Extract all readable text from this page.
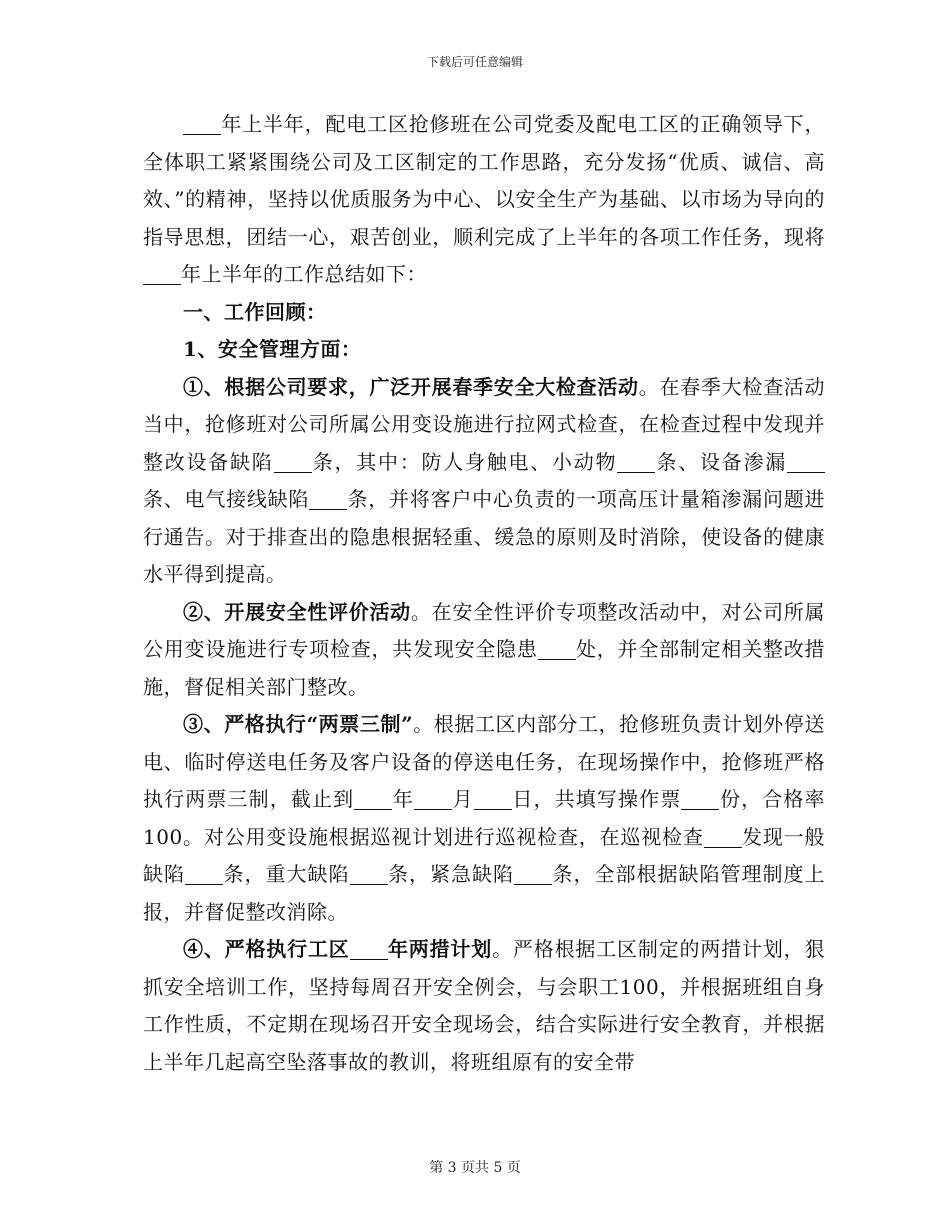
下载后可任意编辑

年上半年，配电工区抢修班在公司党委及配电工区的正确领导下，全体职工紧紧围绕公司及工区制定的工作思路，充分发扬“优质、诚信、高效、”的精神，坚持以优质服务为中心、以安全生产为基础、以市场为导向的指导思想，团结一心，艰苦创业，顺利完成了上半年的各项工作任务，现将年上半年的工作总结如下：

一、工作回顾：

1、安全管理方面：

①、根据公司要求，广泛开展春季安全大检查活动。在春季大检查活动当中，抢修班对公司所属公用变设施进行拉网式检查，在检查过程中发现并整改设备缺陷 条，其中：防人身触电、小动物 条、设备渗漏条、电气接线缺陷 条，并将客户中心负责的一项高压计量箱渗漏问题进行通告。对于排查出的隐患根据轻重、缓急的原则及时消除，使设备的健康水平得到提高。

②、开展安全性评价活动。在安全性评价专项整改活动中，对公司所属公用变设施进行专项检查，共发现安全隐患 处，并全部制定相关整改措施，督促相关部门整改。

③、严格执行“两票三制”。根据工区内部分工，抢修班负责计划外停送电、临时停送电任务及客户设备的停送电任务，在现场操作中，抢修班严格执行两票三制，截止到 年 月 日，共填写操作票 份，合格率100。对公用变设施根据巡视计划进行巡视检查，在巡视检查 发现一般缺陷 条，重大缺陷 条，紧急缺陷 条，全部根据缺陷管理制度上报，并督促整改消除。

④、严格执行工区 年两措计划。严格根据工区制定的两措计划，狠抓安全培训工作，坚持每周召开安全例会，与会职工100，并根据班组自身工作性质，不定期在现场召开安全现场会，结合实际进行安全教育，并根据上半年几起高空坠落事故的教训，将班组原有的安全带

第 3 页共 5 页
